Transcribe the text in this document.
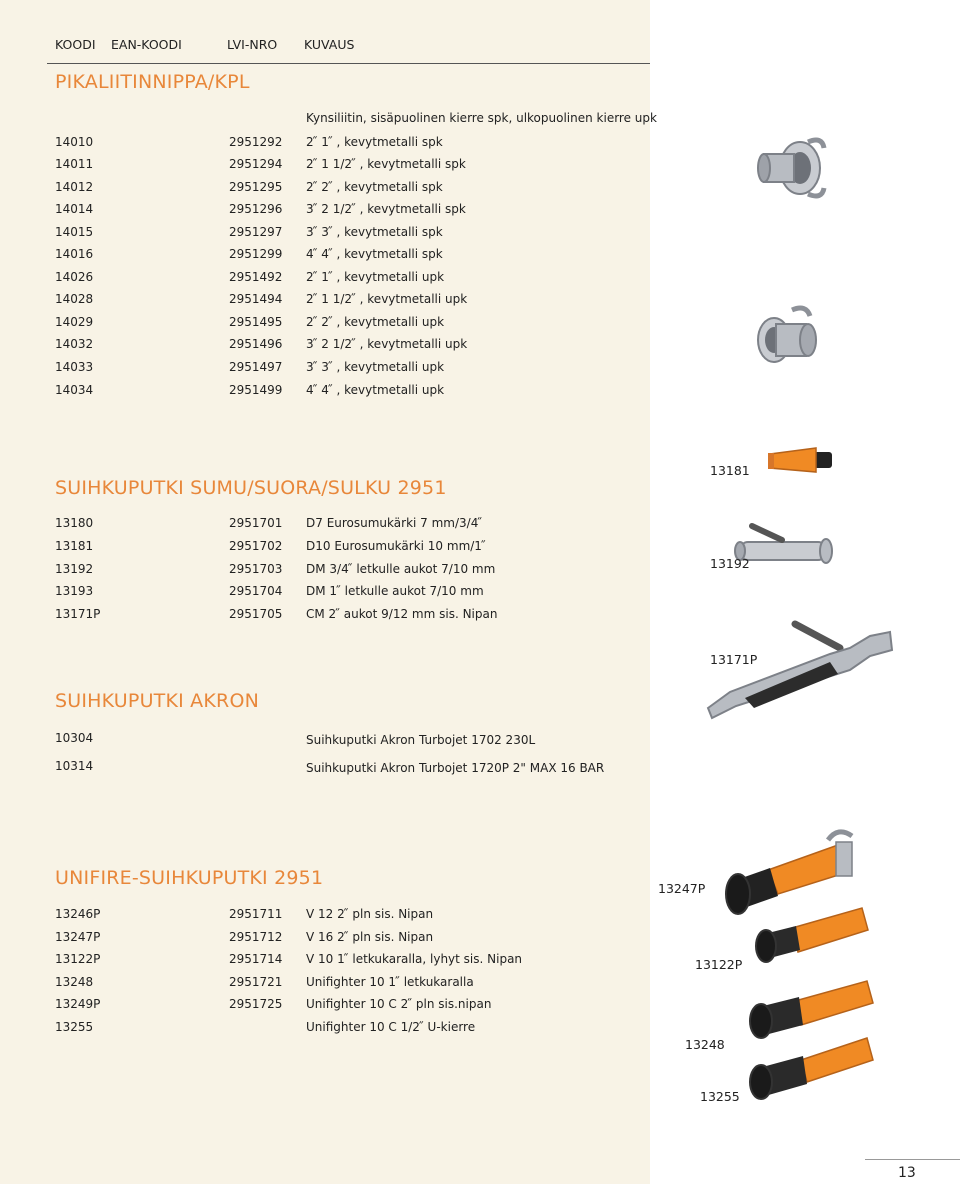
KOODI EAN-KOODI	LVI-NRO KUVAUS
PIKALIITINNIPPA/KPL
Kynsiliitin, sisäpuolinen kierre spk, ulkopuolinen kierre upk
14010	2951292 2 ̋ 1 ̋ , kevytmetalli spk
14011	2951294 2 ̋ 1 1/2 ̋ , kevytmetalli spk
14012	2951295 2 ̋ 2 ̋ , kevytmetalli spk
14014	2951296 3 ̋ 2 1/2 ̋ , kevytmetalli spk
14015	2951297 3 ̋ 3 ̋ , kevytmetalli spk
14016	2951299 4 ̋ 4 ̋ , kevytmetalli spk
14026	2951492 2 ̋ 1 ̋ , kevytmetalli upk
14028	2951494 2 ̋ 1 1/2 ̋ , kevytmetalli upk
14029	2951495 2 ̋ 2 ̋ , kevytmetalli upk
14032	2951496 3 ̋ 2 1/2 ̋ , kevytmetalli upk
14033	2951497 3 ̋ 3 ̋ , kevytmetalli upk
14034	2951499 4 ̋ 4 ̋ , kevytmetalli upk
SUIHKUPUTKI SUMU/SUORA/SULKU 2951
13180	2951701 D7 Eurosumukärki 7 mm/3/4 ̋
13181	2951702 D10 Eurosumukärki 10 mm/1 ̋
13192	2951703 DM 3/4 ̋ letkulle aukot 7/10 mm
13193	2951704 DM 1 ̋ letkulle aukot 7/10 mm
13171P	2951705 CM 2 ̋ aukot 9/12 mm sis. Nipan
SUIHKUPUTKI AKRON
10304	Suihkuputki Akron Turbojet 1702 230L
10314	Suihkuputki Akron Turbojet 1720P 2" MAX 16 BAR
UNIFIRE-SUIHKUPUTKI 2951
13246P	2951711 V 12 2 ̋ pln sis. Nipan
13247P	2951712 V 16 2 ̋ pln sis. Nipan
13122P	2951714 V 10 1 ̋ letkukaralla, lyhyt sis. Nipan
13248	2951721 Unifighter 10 1 ̋ letkukaralla
13249P	2951725 Unifighter 10 C 2 ̋ pln sis.nipan
13255	Unifighter 10 C 1/2 ̋ U-kierre
13181
13192
13171P
13247P
13122P
13248
13255
13
